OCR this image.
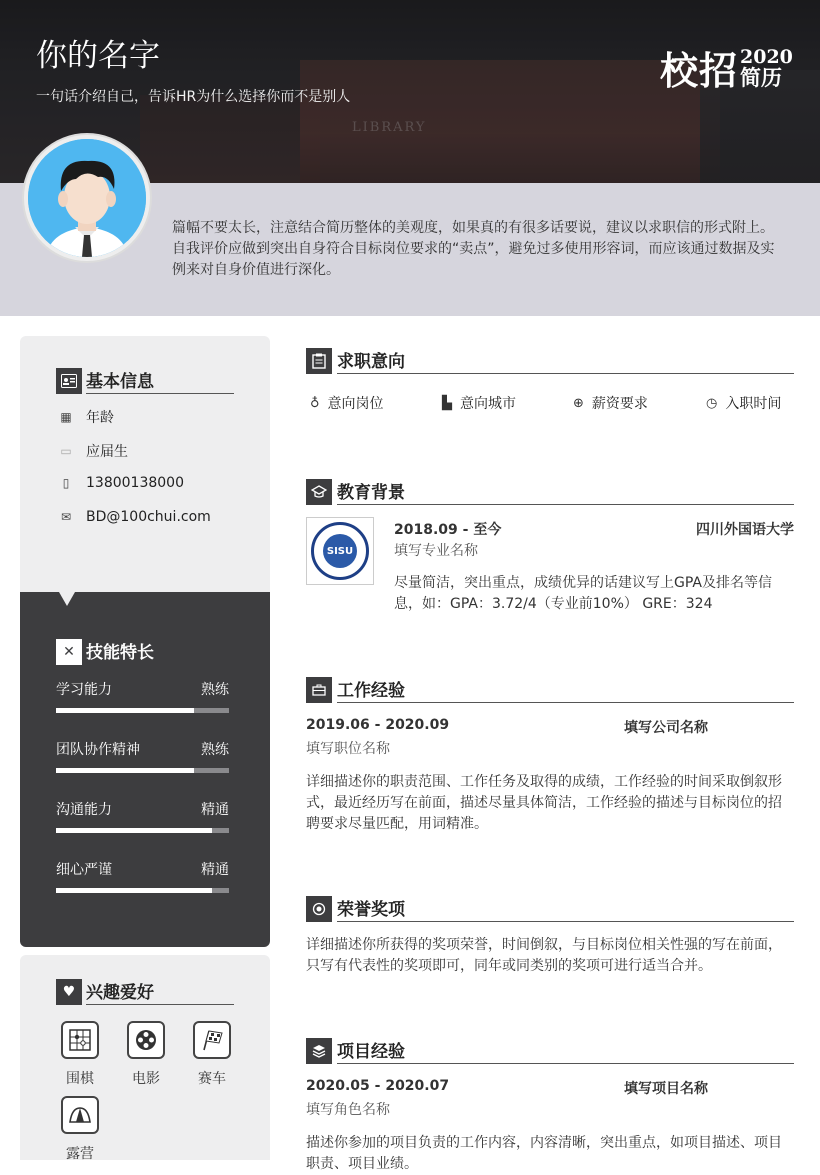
LIBRARY
你的名字
一句话介绍自己，告诉HR为什么选择你而不是别人
校招 2020
简历
篇幅不要太长，注意结合简历整体的美观度，如果真的有很多话要说，建议以求职信的形式附上。自我评价应做到突出自身符合目标岗位要求的“卖点”，避免过多使用形容词，而应该通过数据及实例来对自身价值进行深化。
基本信息
▦ 年龄
▭ 应届生
▯	13800138000
✉ BD@100chui.com
✕ 技能特长
学习能力	熟练
团队协作精神	熟练
沟通能力	精通
细心严谨	精通
♥ 兴趣爱好
围棋	电影	赛车
露营
求职意向
♁ 意向岗位	▙ 意向城市	⊕ 薪资要求	◷ 入职时间
教育背景
SISU
2018.09 - 至今	四川外国语大学
填写专业名称
尽量简洁，突出重点，成绩优异的话建议写上GPA及排名等信息，如：GPA：3.72/4（专业前10%） GRE：324
工作经验
2019.06 - 2020.09	填写公司名称
填写职位名称
详细描述你的职责范围、工作任务及取得的成绩，工作经验的时间采取倒叙形式，最近经历写在前面，描述尽量具体简洁，工作经验的描述与目标岗位的招聘要求尽量匹配，用词精准。
荣誉奖项
详细描述你所获得的奖项荣誉，时间倒叙，与目标岗位相关性强的写在前面，只写有代表性的奖项即可，同年或同类别的奖项可进行适当合并。
项目经验
2020.05 - 2020.07	填写项目名称
填写角色名称
描述你参加的项目负责的工作内容，内容清晰，突出重点，如项目描述、项目职责、项目业绩。
